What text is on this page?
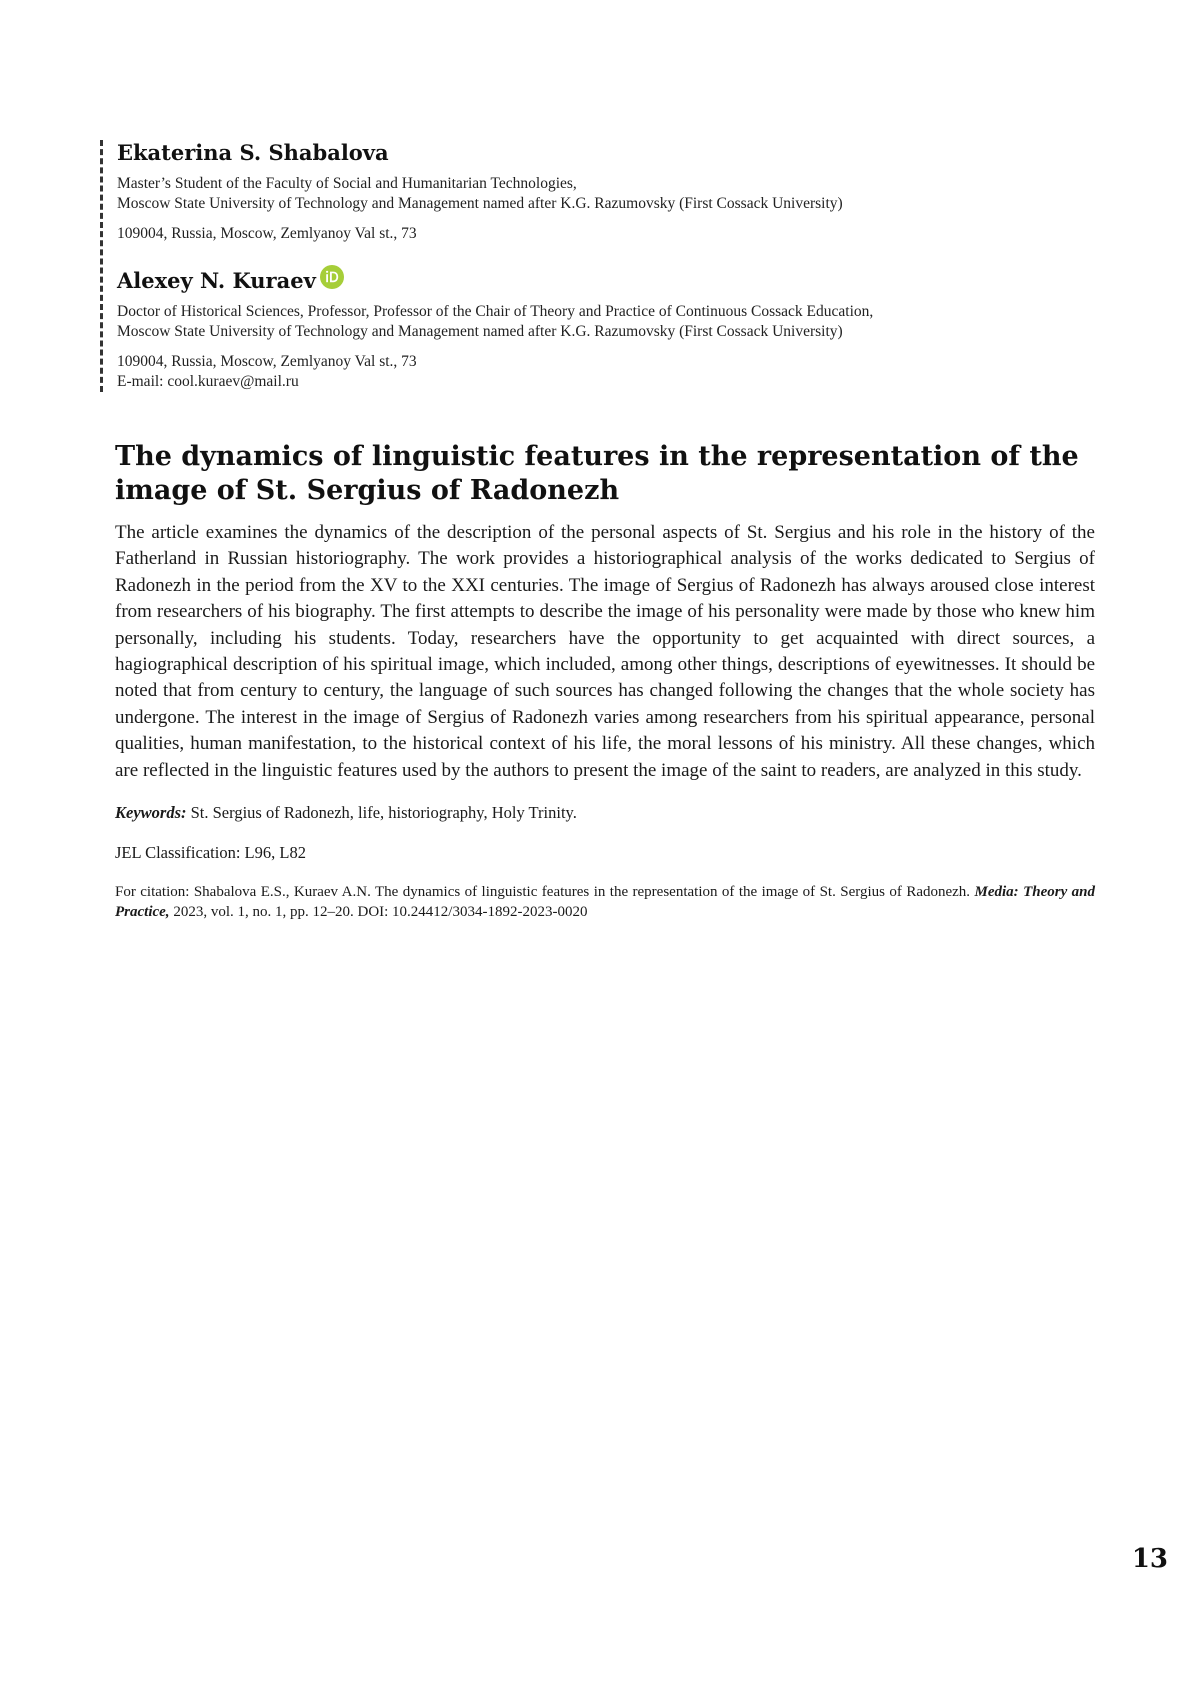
Ekaterina S. Shabalova

Master’s Student of the Faculty of Social and Humanitarian Technologies,

Moscow State University of Technology and Management named after K.G. Razumovsky (First Cossack University)

109004, Russia, Moscow, Zemlyanoy Val st., 73

Alexey N. Kuraev

Doctor of Historical Sciences, Professor, Professor of the Chair of Theory and Practice of Continuous Cossack Education,

Moscow State University of Technology and Management named after K.G. Razumovsky (First Cossack University)

109004, Russia, Moscow, Zemlyanoy Val st., 73

E-mail: cool.kuraev@mail.ru

The dynamics of linguistic features in the representation of the image of St. Sergius of Radonezh

The article examines the dynamics of the description of the personal aspects of St. Sergius and his role in the history of the Fatherland in Russian historiography. The work provides a historiographical analysis of the works dedicated to Sergius of Radonezh in the period from the XV to the XXI centuries. The image of Sergius of Radonezh has always aroused close interest from researchers of his biography. The first attempts to describe the image of his personality were made by those who knew him personally, including his students. Today, researchers have the opportunity to get acquainted with direct sources, a hagiographical description of his spiritual image, which included, among other things, descriptions of eyewitnesses. It should be noted that from century to century, the language of such sources has changed following the changes that the whole society has undergone. The interest in the image of Sergius of Radonezh varies among researchers from his spiritual appearance, personal qualities, human manifestation, to the historical context of his life, the moral lessons of his ministry. All these changes, which are reflected in the linguistic features used by the authors to present the image of the saint to readers, are analyzed in this study.

Keywords: St. Sergius of Radonezh, life, historiography, Holy Trinity.

JEL Classification: L96, L82

For citation: Shabalova E.S., Kuraev A.N. The dynamics of linguistic features in the representation of the image of St. Sergius of Radonezh. Media: Theory and Practice, 2023, vol. 1, no. 1, pp. 12–20. DOI: 10.24412/3034-1892-2023-0020

13
